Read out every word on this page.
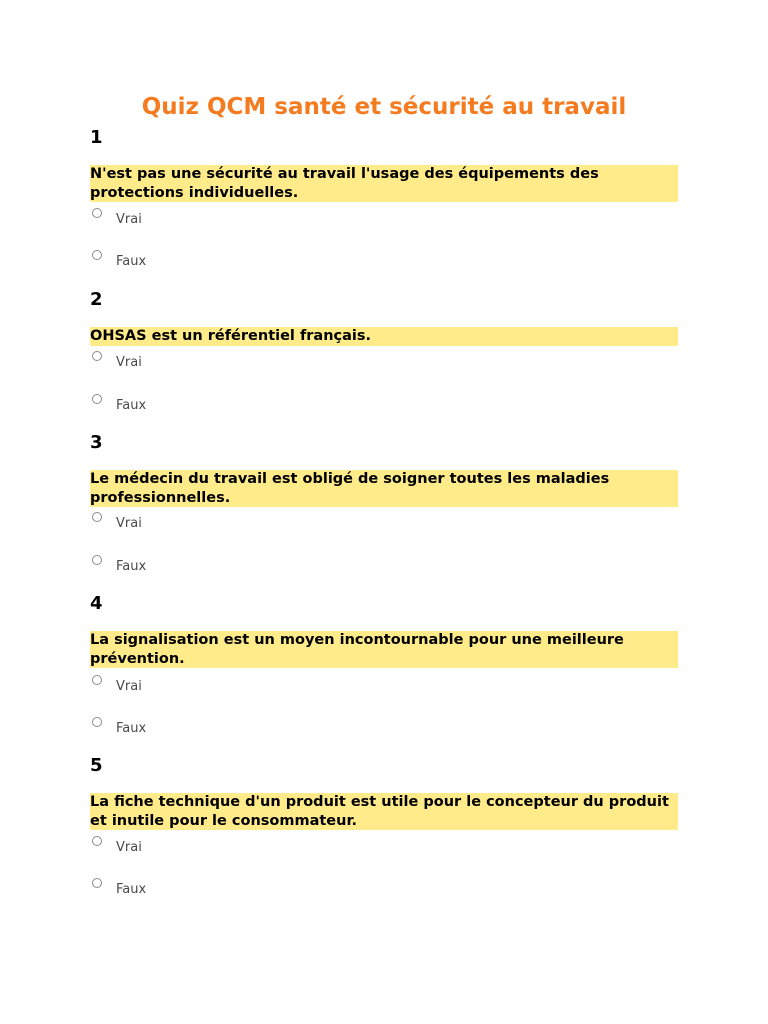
Quiz QCM santé et sécurité au travail
1
N'est pas une sécurité au travail l'usage des équipements des protections individuelles.
Vrai
Faux
2
OHSAS est un référentiel français.
Vrai
Faux
3
Le médecin du travail est obligé de soigner toutes les maladies professionnelles.
Vrai
Faux
4
La signalisation est un moyen incontournable pour une meilleure prévention.
Vrai
Faux
5
La fiche technique d'un produit est utile pour le concepteur du produit et inutile pour le consommateur.
Vrai
Faux
